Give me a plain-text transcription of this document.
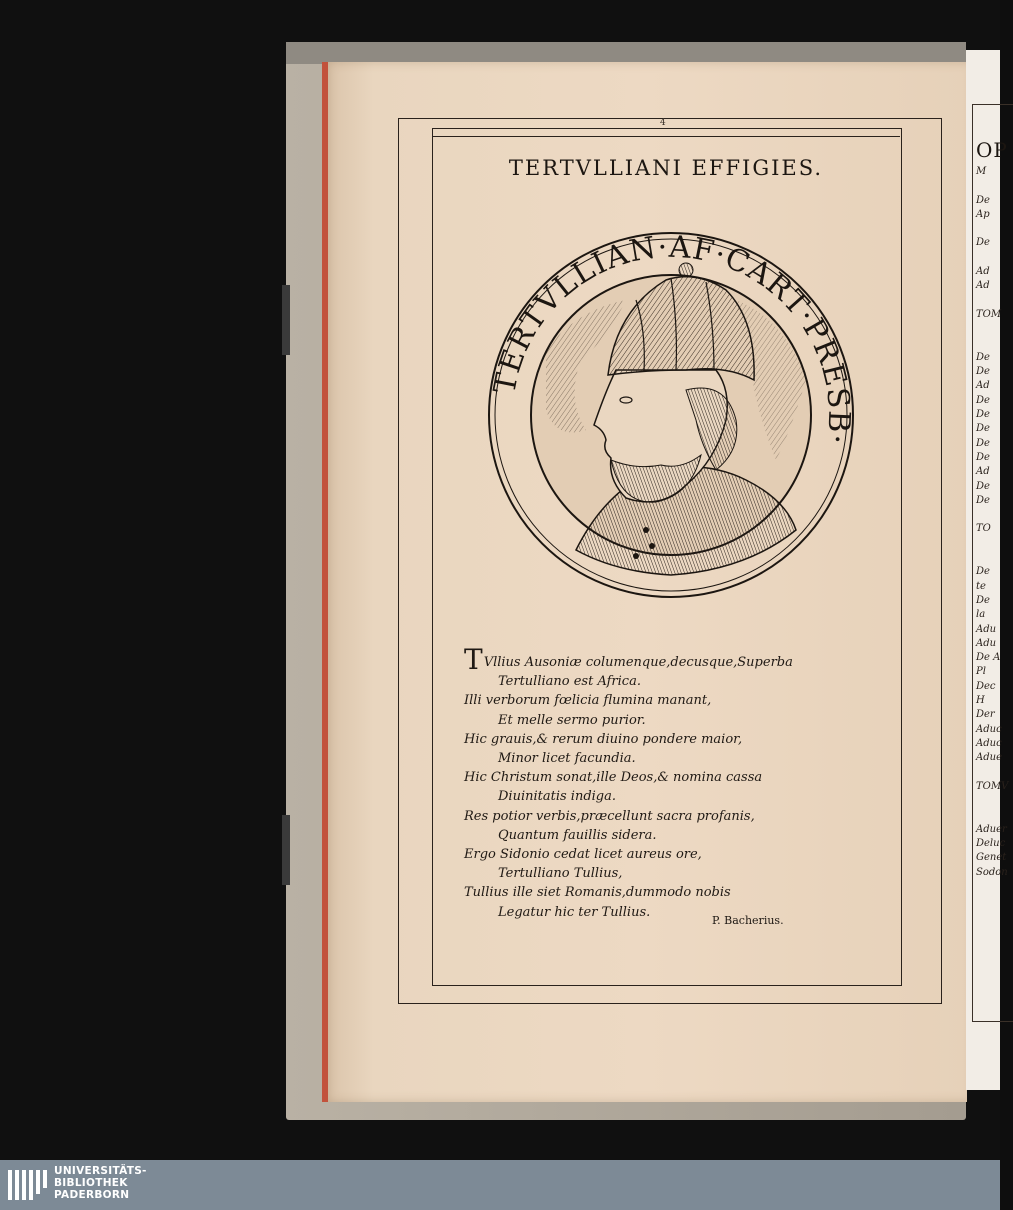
4
TERTVLLIANI EFFIGIES.
TERTVLLIAN·AF·CART·PRESB·
TVllius Ausoniæ columenque,decusque,Superba
Tertulliano est Africa.
Illi verborum fœlicia flumina manant,
Et melle sermo purior.
Hic grauis,& rerum diuino pondere maior,
Minor licet facundia.
Hic Christum sonat,ille Deos,& nomina cassa
Diuinitatis indiga.
Res potior verbis,præcellunt sacra profanis,
Quantum fauillis sidera.
Ergo Sidonio cedat licet aureus ore,
Tertulliano Tullius,
Tullius ille siet Romanis,dummodo nobis
Legatur hic ter Tullius.
P. Bacherius.
OP
M

De
Ap

De

Ad
Ad

TOM

De
De
Ad
De
De
De
De
De
Ad
De
De

TO

De
te
De
la
Adu
Adu
De A
Pl
Dec
H
Der
Aduc
Aduc
Adue

TOMV

Aduer
Deluc
Genet
Sodon
UNIVERSITÄTS-
BIBLIOTHEK
PADERBORN
